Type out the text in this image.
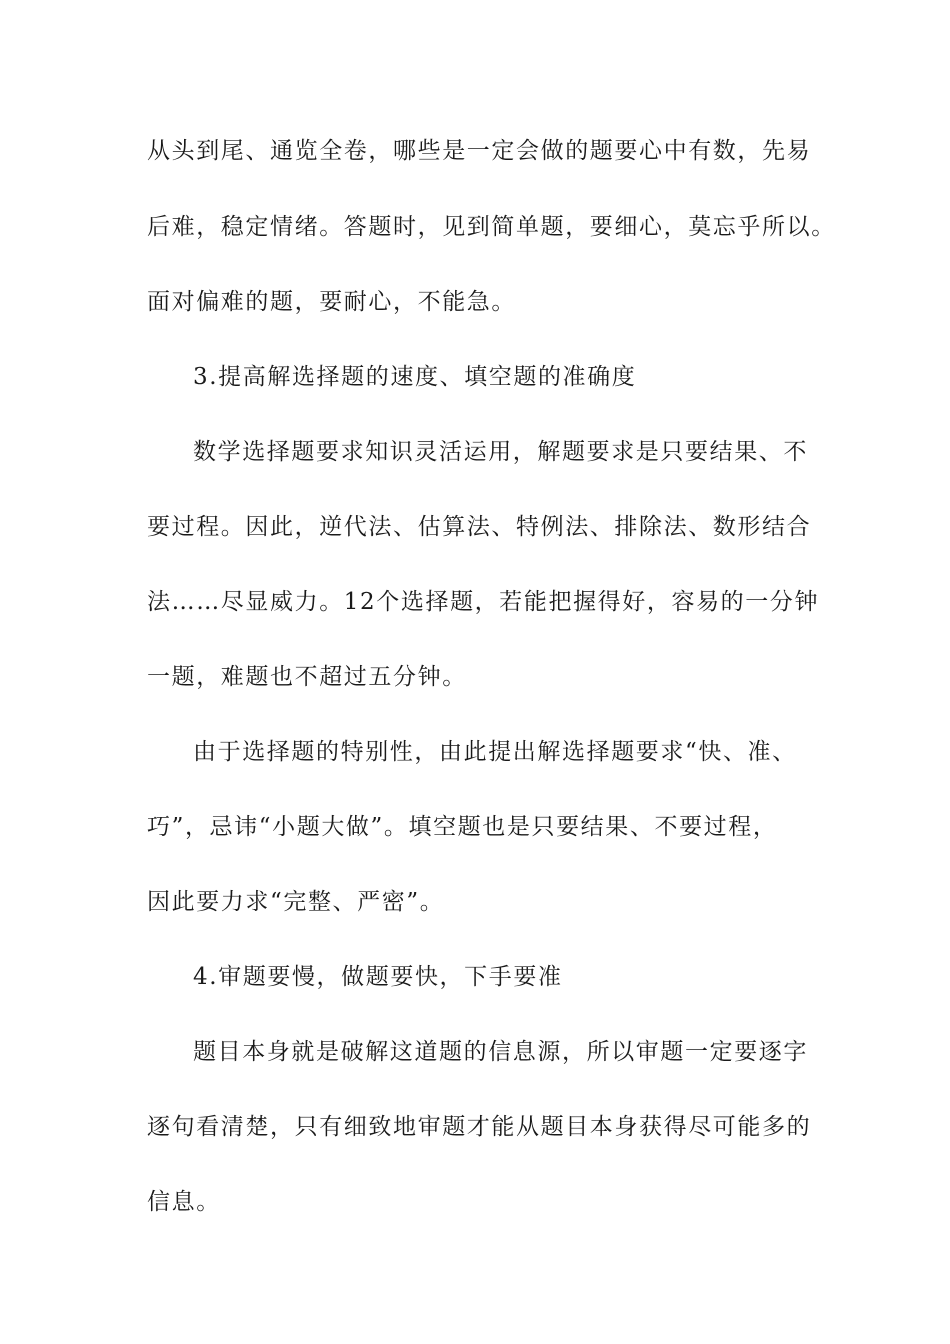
从头到尾、通览全卷，哪些是一定会做的题要心中有数，先易
后难，稳定情绪。答题时，见到简单题，要细心，莫忘乎所以。
面对偏难的题，要耐心，不能急。
3.提高解选择题的速度、填空题的准确度
数学选择题要求知识灵活运用，解题要求是只要结果、不
要过程。因此，逆代法、估算法、特例法、排除法、数形结合
法……尽显威力。12个选择题，若能把握得好，容易的一分钟
一题，难题也不超过五分钟。
由于选择题的特别性，由此提出解选择题要求“快、准、
巧”，忌讳“小题大做”。填空题也是只要结果、不要过程，
因此要力求“完整、严密”。
4.审题要慢，做题要快，下手要准
题目本身就是破解这道题的信息源，所以审题一定要逐字
逐句看清楚，只有细致地审题才能从题目本身获得尽可能多的
信息。
